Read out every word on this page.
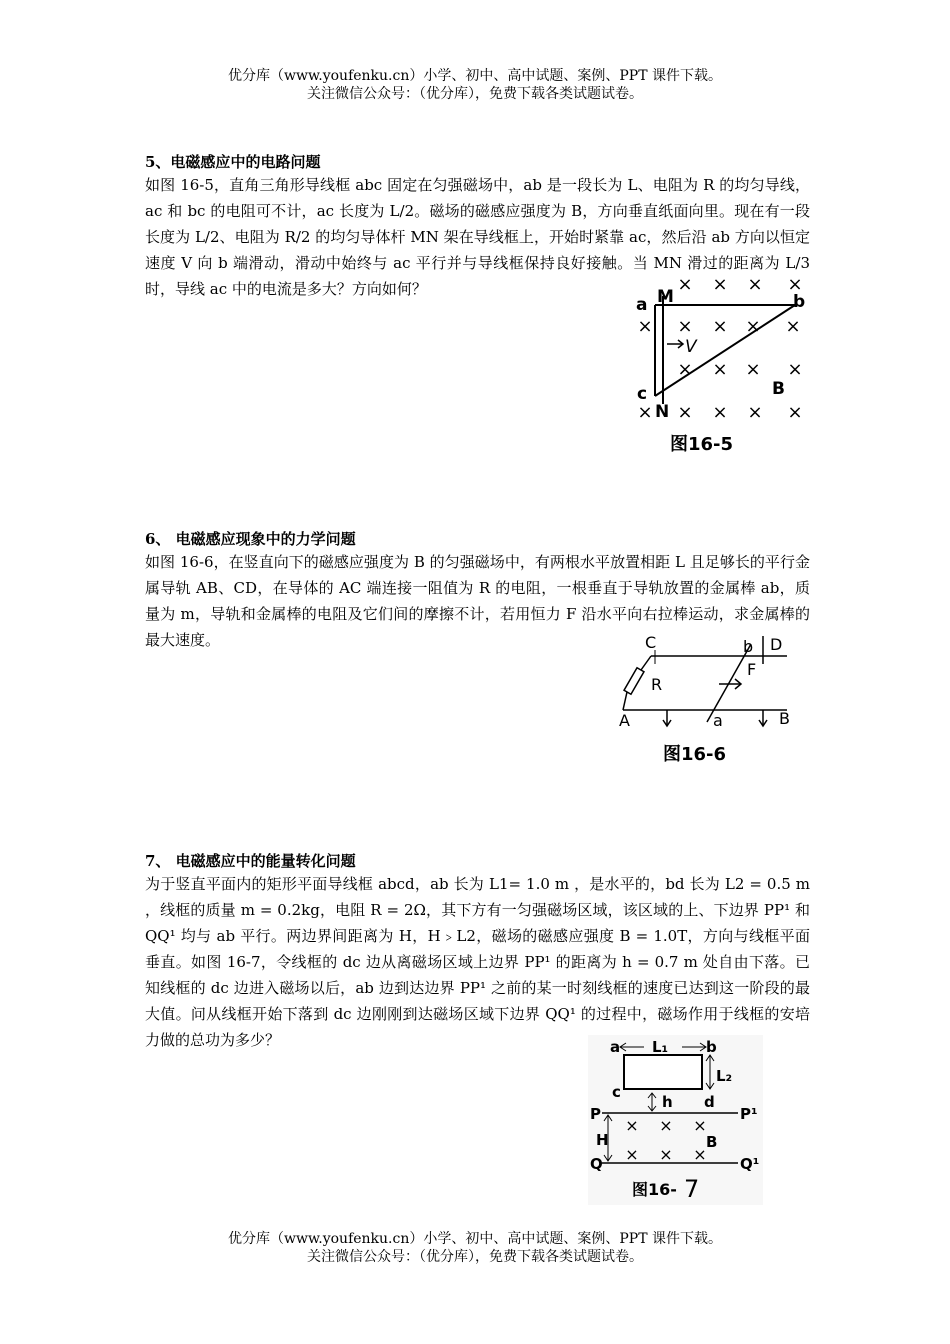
优分库（www.youfenku.cn）小学、初中、高中试题、案例、PPT 课件下载。
关注微信公众号：（优分库），免费下载各类试题试卷。
5、电磁感应中的电路问题
如图 16-5，直角三角形导线框 abc 固定在匀强磁场中，ab 是一段长为 L、电阻为 R 的均匀导线，ac 和 bc 的电阻可不计，ac 长度为 L/2。磁场的磁感应强度为 B，方向垂直纸面向里。现在有一段长度为 L/2、电阻为 R/2 的均匀导体杆 MN 架在导线框上，开始时紧靠 ac，然后沿 ab 方向以恒定速度 V 向 b 端滑动，滑动中始终与 ac 平行并与导线框保持良好接触。当 MN 滑过的距离为 L/3 时，导线 ac 中的电流是多大？方向如何？	× × × ×
× × × × ×
× × × ×
× × × × ×
a M	b
c
N
B
V
图16-5
6、 电磁感应现象中的力学问题
如图 16-6，在竖直向下的磁感应强度为 B 的匀强磁场中，有两根水平放置相距 L 且足够长的平行金属导轨 AB、CD，在导体的 AC 端连接一阻值为 R 的电阻，一根垂直于导轨放置的金属棒 ab，质量为 m，导轨和金属棒的电阻及它们间的摩擦不计，若用恒力 F 沿水平向右拉棒运动，求金属棒的最大速度。	C	b D
F
R
A	a	B
图16-6
7、 电磁感应中的能量转化问题
为于竖直平面内的矩形平面导线框 abcd，ab 长为 L1= 1.0 m ，是水平的，bd 长为 L2 = 0.5 m ，线框的质量 m = 0.2kg，电阻 R = 2Ω，其下方有一匀强磁场区域，该区域的上、下边界 PP¹ 和 QQ¹ 均与 ab 平行。两边界间距离为 H，H﹥L2，磁场的磁感应强度 B = 1.0T，方向与线框平面垂直。如图 16-7，令线框的 dc 边从离磁场区域上边界 PP¹ 的距离为 h = 0.7 m 处自由下落。已知线框的 dc 边进入磁场以后，ab 边到达边界 PP¹ 之前的某一时刻线框的速度已达到这一阶段的最大值。问从线框开始下落到 dc 边刚刚到达磁场区域下边界 QQ¹ 的过程中，磁场作用于线框的安培力做的总功为多少？
× × ×
× × ×
a L₁	b
L₂
c
h d
P	P¹
H	B
Q	Q¹
图16- 7
优分库（www.youfenku.cn）小学、初中、高中试题、案例、PPT 课件下载。
关注微信公众号：（优分库），免费下载各类试题试卷。
